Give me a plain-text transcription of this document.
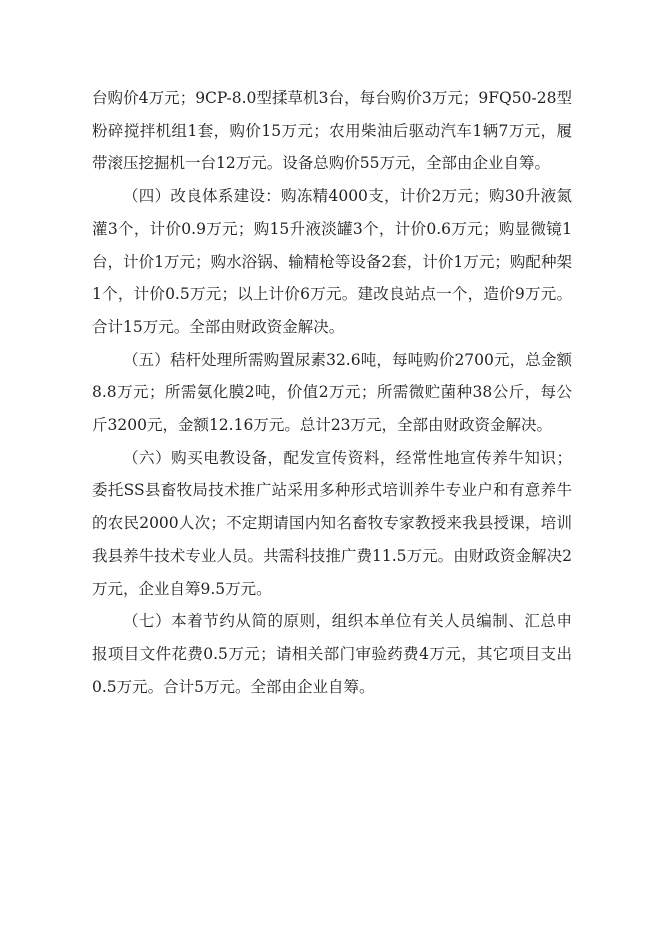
台购价4万元；9CP-8.0型揉草机3台，每台购价3万元；9FQ50-28型粉碎搅拌机组1套，购价15万元；农用柴油后驱动汽车1辆7万元，履带滚压挖掘机一台12万元。设备总购价55万元，全部由企业自筹。

（四）改良体系建设：购冻精4000支，计价2万元；购30升液氮灌3个，计价0.9万元；购15升液淡罐3个，计价0.6万元；购显微镜1台，计价1万元；购水浴锅、输精枪等设备2套，计价1万元；购配种架1个，计价0.5万元；以上计价6万元。建改良站点一个，造价9万元。合计15万元。全部由财政资金解决。

（五）秸杆处理所需购置尿素32.6吨，每吨购价2700元，总金额8.8万元；所需氨化膜2吨，价值2万元；所需微贮菌种38公斤，每公斤3200元，金额12.16万元。总计23万元，全部由财政资金解决。

（六）购买电教设备，配发宣传资料，经常性地宣传养牛知识；委托SS县畜牧局技术推广站采用多种形式培训养牛专业户和有意养牛的农民2000人次；不定期请国内知名畜牧专家教授来我县授课，培训我县养牛技术专业人员。共需科技推广费11.5万元。由财政资金解决2万元，企业自筹9.5万元。

（七）本着节约从简的原则，组织本单位有关人员编制、汇总申报项目文件花费0.5万元；请相关部门审验药费4万元，其它项目支出0.5万元。合计5万元。全部由企业自筹。
